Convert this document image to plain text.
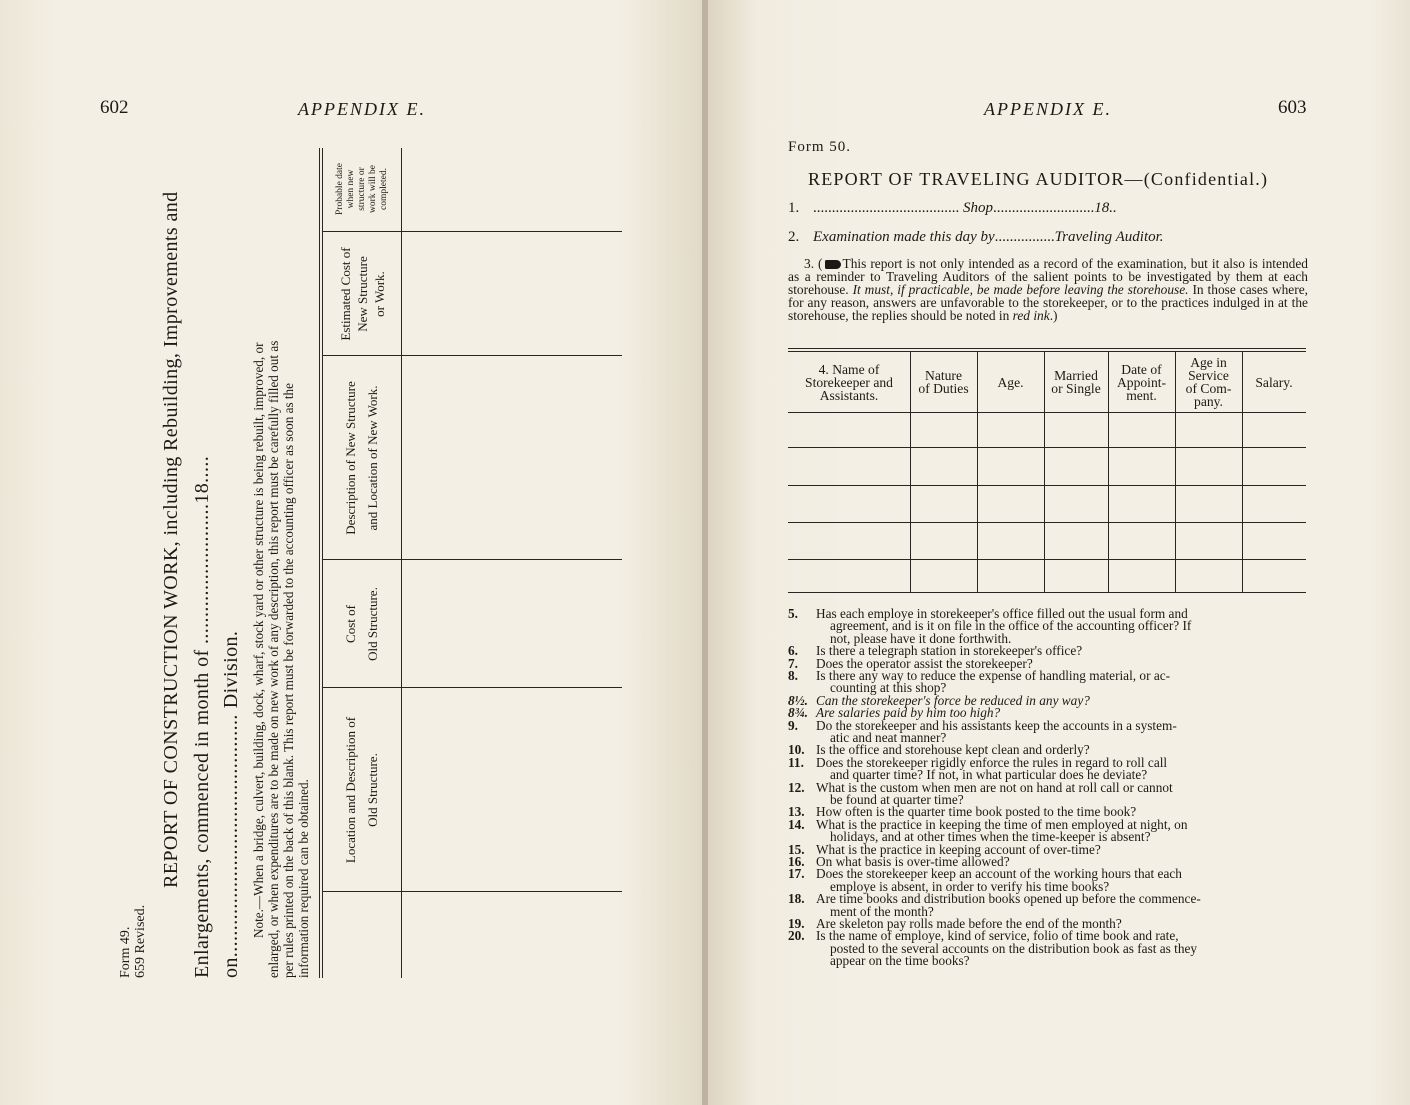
602	APPENDIX E.
Form 49. 659 Revised.
REPORT OF CONSTRUCTION WORK, including Rebuilding, Improvements and Enlargements, commenced in month of ..........................18..... on.............................................Division. Note.—When a bridge, culvert, building, dock, wharf, stock yard or other structure is being rebuilt, improved, or enlarged, or when expenditures are to be made on new work of any description, this report must be carefully filled out as per rules printed on the back of this blank. This report must be forwarded to the accounting officer as soon as the information required can be obtained. Location and Description of Old Structure.
Cost of Old Structure.
Description of New Structure and Location of New Work.
Estimated Cost of New Structure or Work.
Probable date when new structure or work will be completed.
APPENDIX E.	603
Form 50.
REPORT OF TRAVELING AUDITOR—(Confidential.)
1. ....................................... Shop...........................18..
2. Examination made this day by................Traveling Auditor.

3. ( This report is not only intended as a record of the examination, but it also is intended as a reminder to Traveling Auditors of the salient points to be investigated by them at each storehouse. It must, if practicable, be made before leaving the storehouse. In those cases where, for any reason, answers are unfavorable to the storekeeper, or to the practices indulged in at the storehouse, the replies should be noted in red ink.)

4. Name of
Storekeeper and
Assistants.
Nature
of Duties Age. Married
or Single
Date of
Appoint-
ment.
Age in
Service
of Com-
pany.
Salary.
5. Has each employe in storekeeper's office filled out the usual form and
agreement, and is it on file in the office of the accounting officer? If
not, please have it done forthwith.
6. Is there a telegraph station in storekeeper's office?
7. Does the operator assist the storekeeper?
8. Is there any way to reduce the expense of handling material, or ac-
counting at this shop?
8½. Can the storekeeper's force be reduced in any way?
8¾. Are salaries paid by him too high?
9. Do the storekeeper and his assistants keep the accounts in a system-
atic and neat manner?
10. Is the office and storehouse kept clean and orderly?
11. Does the storekeeper rigidly enforce the rules in regard to roll call
and quarter time? If not, in what particular does he deviate?
12. What is the custom when men are not on hand at roll call or cannot
be found at quarter time?
13. How often is the quarter time book posted to the time book?
14. What is the practice in keeping the time of men employed at night, on
holidays, and at other times when the time-keeper is absent?
15. What is the practice in keeping account of over-time?
16. On what basis is over-time allowed?
17. Does the storekeeper keep an account of the working hours that each
employe is absent, in order to verify his time books?
18. Are time books and distribution books opened up before the commence-
ment of the month?
19. Are skeleton pay rolls made before the end of the month?
20. Is the name of employe, kind of service, folio of time book and rate,
posted to the several accounts on the distribution book as fast as they
appear on the time books?
